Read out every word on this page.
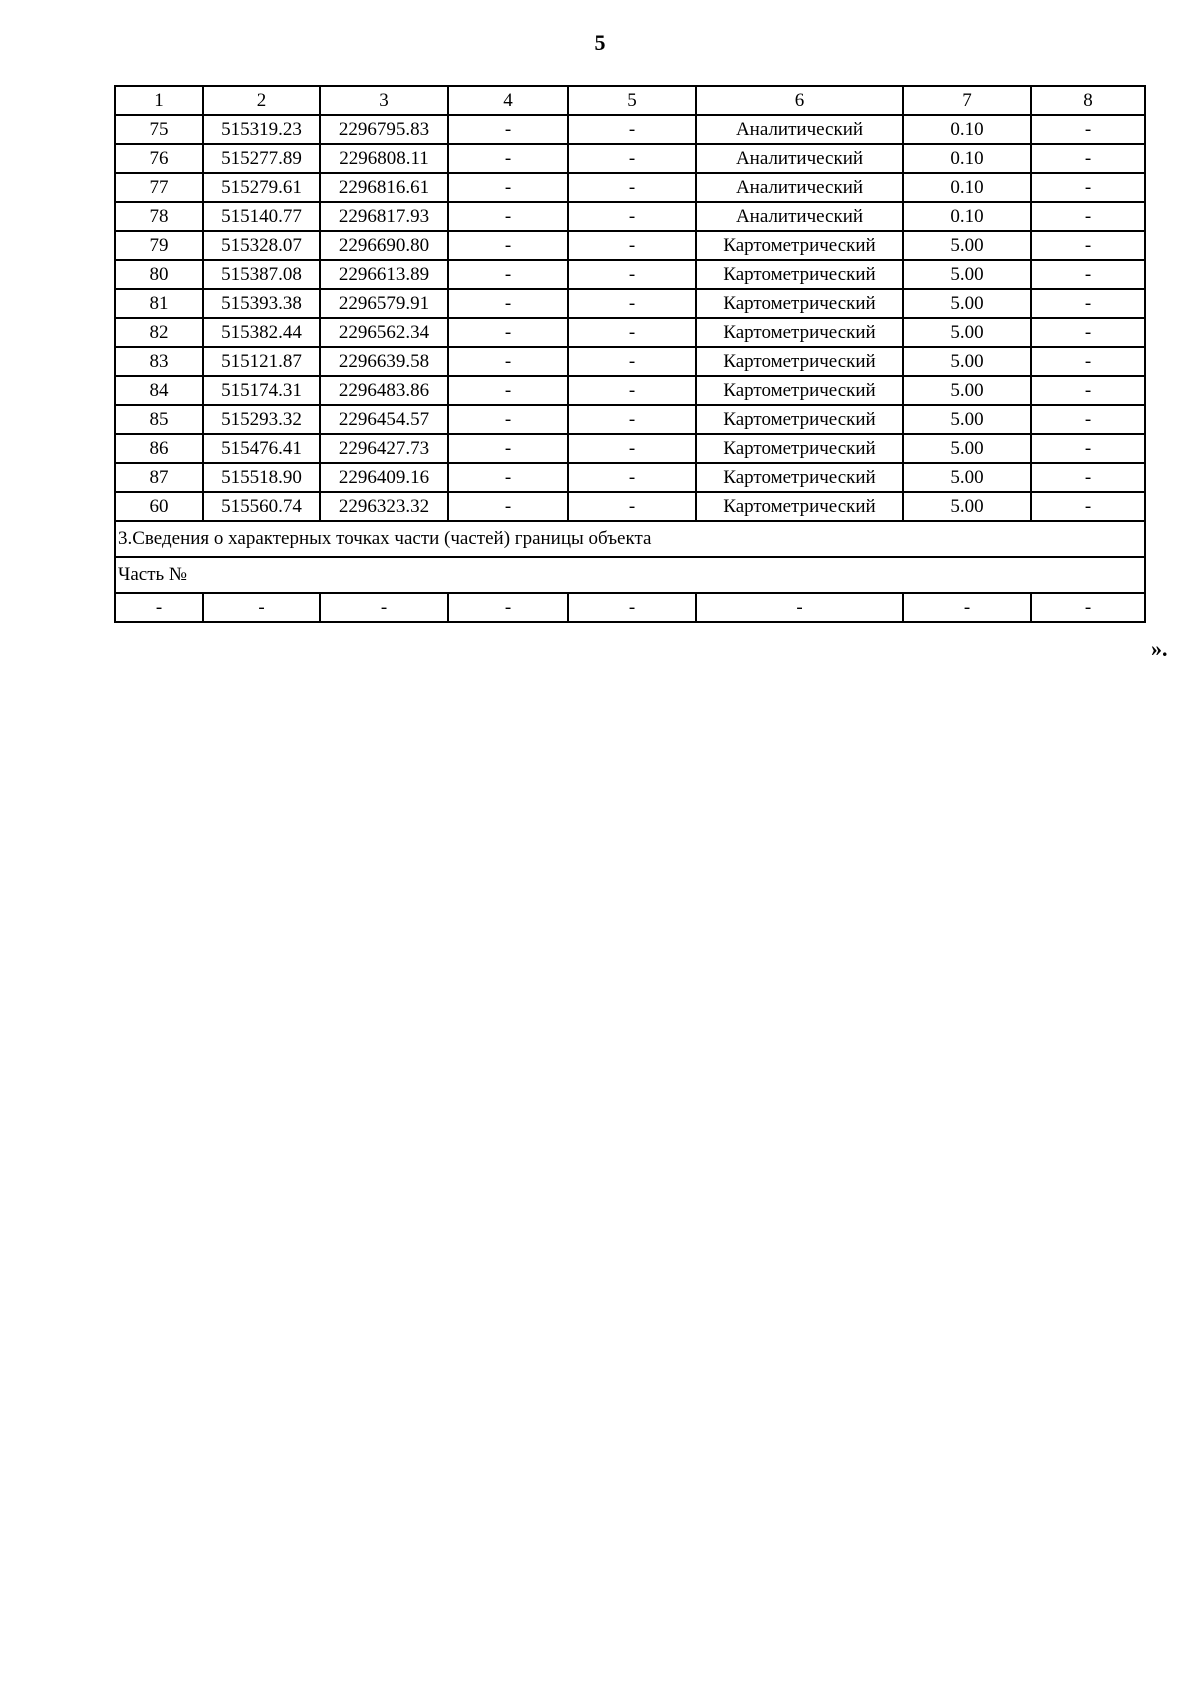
5
1	2	3	4	5	6	7	8
75	515319.23	2296795.83	-	-	Аналитический	0.10	-
76	515277.89	2296808.11	-	-	Аналитический	0.10	-
77	515279.61	2296816.61	-	-	Аналитический	0.10	-
78	515140.77	2296817.93	-	-	Аналитический	0.10	-
79	515328.07	2296690.80	-	-	Картометрический	5.00	-
80	515387.08	2296613.89	-	-	Картометрический	5.00	-
81	515393.38	2296579.91	-	-	Картометрический	5.00	-
82	515382.44	2296562.34	-	-	Картометрический	5.00	-
83	515121.87	2296639.58	-	-	Картометрический	5.00	-
84	515174.31	2296483.86	-	-	Картометрический	5.00	-
85	515293.32	2296454.57	-	-	Картометрический	5.00	-
86	515476.41	2296427.73	-	-	Картометрический	5.00	-
87	515518.90	2296409.16	-	-	Картометрический	5.00	-
60	515560.74	2296323.32	-	-	Картометрический	5.00	-
3.Сведения о характерных точках части (частей) границы объекта							
Часть №							
-	-	-	-	-	-	-	-
».
